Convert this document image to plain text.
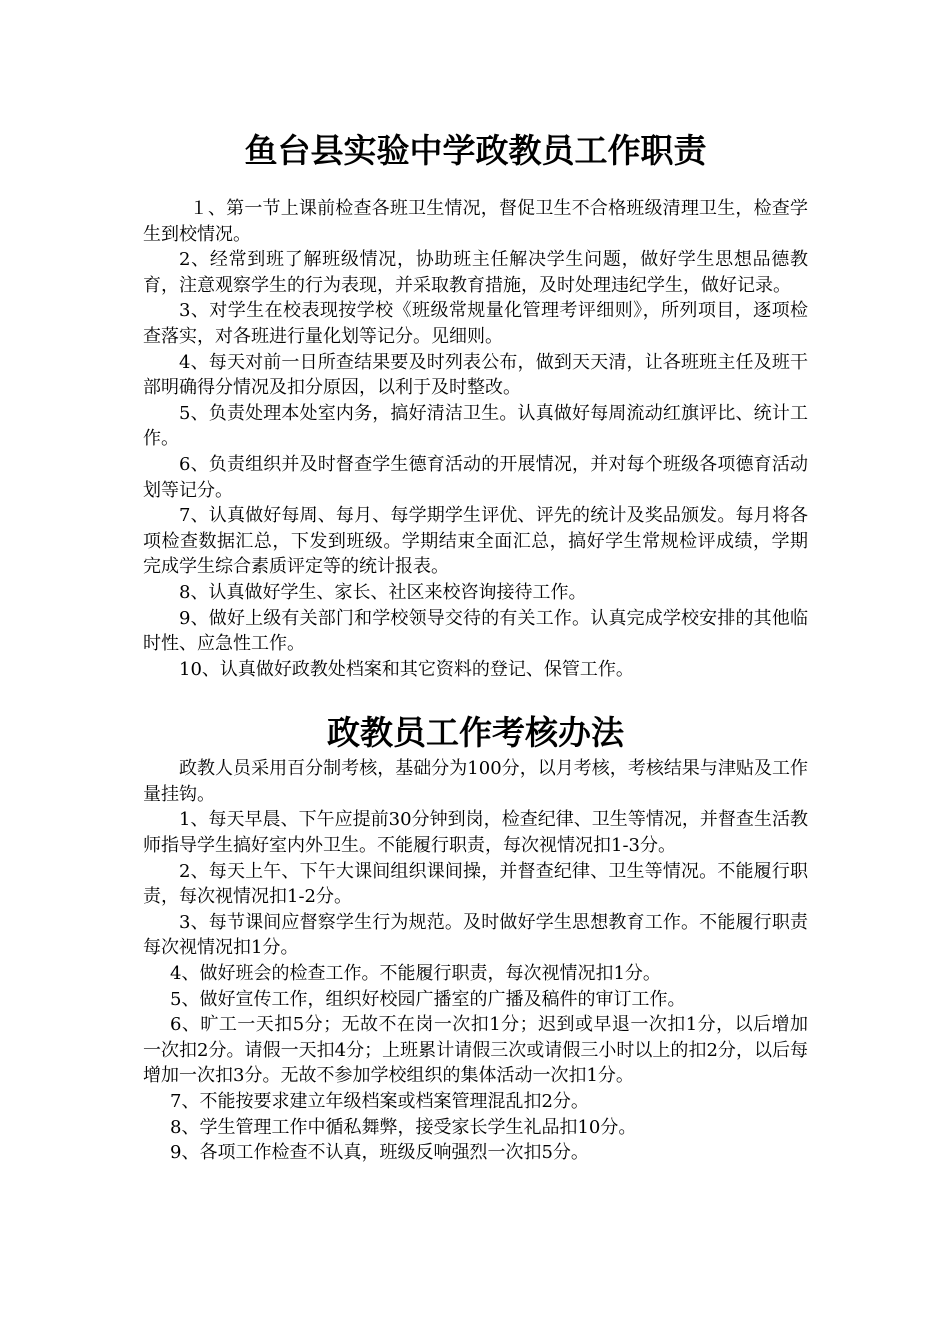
鱼台县实验中学政教员工作职责

１、第一节上课前检查各班卫生情况，督促卫生不合格班级清理卫生，检查学生到校情况。

2、经常到班了解班级情况，协助班主任解决学生问题，做好学生思想品德教育，注意观察学生的行为表现，并采取教育措施，及时处理违纪学生，做好记录。

3、对学生在校表现按学校《班级常规量化管理考评细则》，所列项目，逐项检查落实，对各班进行量化划等记分。见细则。

4、每天对前一日所查结果要及时列表公布，做到天天清，让各班班主任及班干部明确得分情况及扣分原因，以利于及时整改。

5、负责处理本处室内务，搞好清洁卫生。认真做好每周流动红旗评比、统计工作。

6、负责组织并及时督查学生德育活动的开展情况，并对每个班级各项德育活动划等记分。

7、认真做好每周、每月、每学期学生评优、评先的统计及奖品颁发。每月将各项检查数据汇总，下发到班级。学期结束全面汇总，搞好学生常规检评成绩，学期完成学生综合素质评定等的统计报表。

8、认真做好学生、家长、社区来校咨询接待工作。

9、做好上级有关部门和学校领导交待的有关工作。认真完成学校安排的其他临时性、应急性工作。

10、认真做好政教处档案和其它资料的登记、保管工作。

政教员工作考核办法

政教人员采用百分制考核，基础分为100分，以月考核，考核结果与津贴及工作量挂钩。

1、每天早晨、下午应提前30分钟到岗，检查纪律、卫生等情况，并督查生活教师指导学生搞好室内外卫生。不能履行职责，每次视情况扣1-3分。

2、每天上午、下午大课间组织课间操，并督查纪律、卫生等情况。不能履行职责，每次视情况扣1-2分。

3、每节课间应督察学生行为规范。及时做好学生思想教育工作。不能履行职责每次视情况扣1分。

4、做好班会的检查工作。不能履行职责，每次视情况扣1分。

5、做好宣传工作，组织好校园广播室的广播及稿件的审订工作。

6、旷工一天扣5分；无故不在岗一次扣1分；迟到或早退一次扣1分，以后增加一次扣2分。请假一天扣4分；上班累计请假三次或请假三小时以上的扣2分，以后每增加一次扣3分。无故不参加学校组织的集体活动一次扣1分。

7、不能按要求建立年级档案或档案管理混乱扣2分。

8、学生管理工作中循私舞弊，接受家长学生礼品扣10分。

9、各项工作检查不认真，班级反响强烈一次扣5分。
